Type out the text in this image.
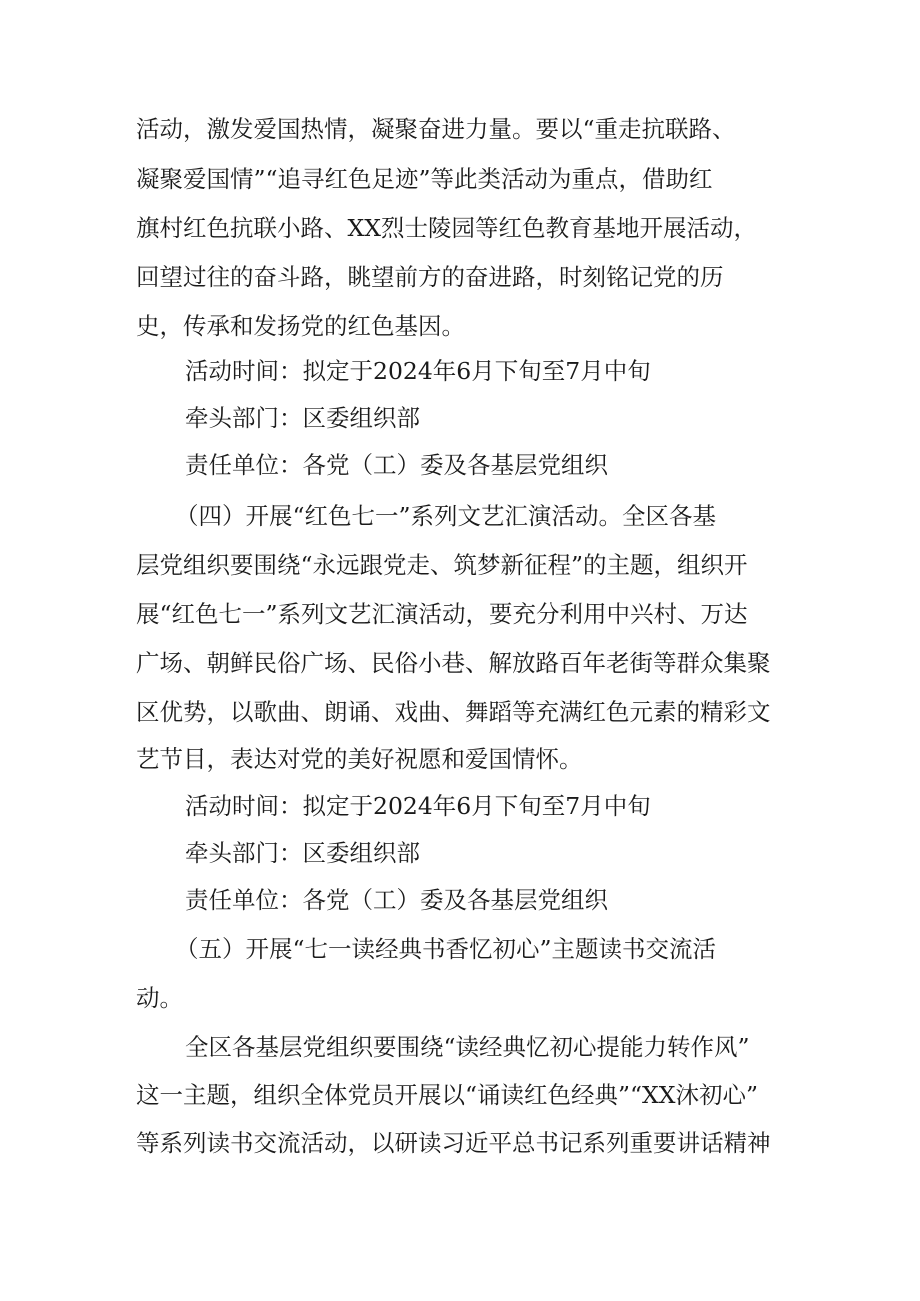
活动，激发爱国热情，凝聚奋进力量。要以“重走抗联路、
凝聚爱国情”“追寻红色足迹”等此类活动为重点，借助红
旗村红色抗联小路、XX烈士陵园等红色教育基地开展活动，
回望过往的奋斗路，眺望前方的奋进路，时刻铭记党的历
史，传承和发扬党的红色基因。
活动时间：拟定于2024年6月下旬至7月中旬
牵头部门：区委组织部
责任单位：各党（工）委及各基层党组织
（四）开展“红色七一”系列文艺汇演活动。全区各基
层党组织要围绕“永远跟党走、筑梦新征程”的主题，组织开
展“红色七一”系列文艺汇演活动，要充分利用中兴村、万达
广场、朝鲜民俗广场、民俗小巷、解放路百年老街等群众集聚
区优势，以歌曲、朗诵、戏曲、舞蹈等充满红色元素的精彩文
艺节目，表达对党的美好祝愿和爱国情怀。
活动时间：拟定于2024年6月下旬至7月中旬
牵头部门：区委组织部
责任单位：各党（工）委及各基层党组织
（五）开展“七一读经典书香忆初心”主题读书交流活
动。
全区各基层党组织要围绕“读经典忆初心提能力转作风”
这一主题，组织全体党员开展以“诵读红色经典”“XX沐初心”
等系列读书交流活动，以研读习近平总书记系列重要讲话精神
